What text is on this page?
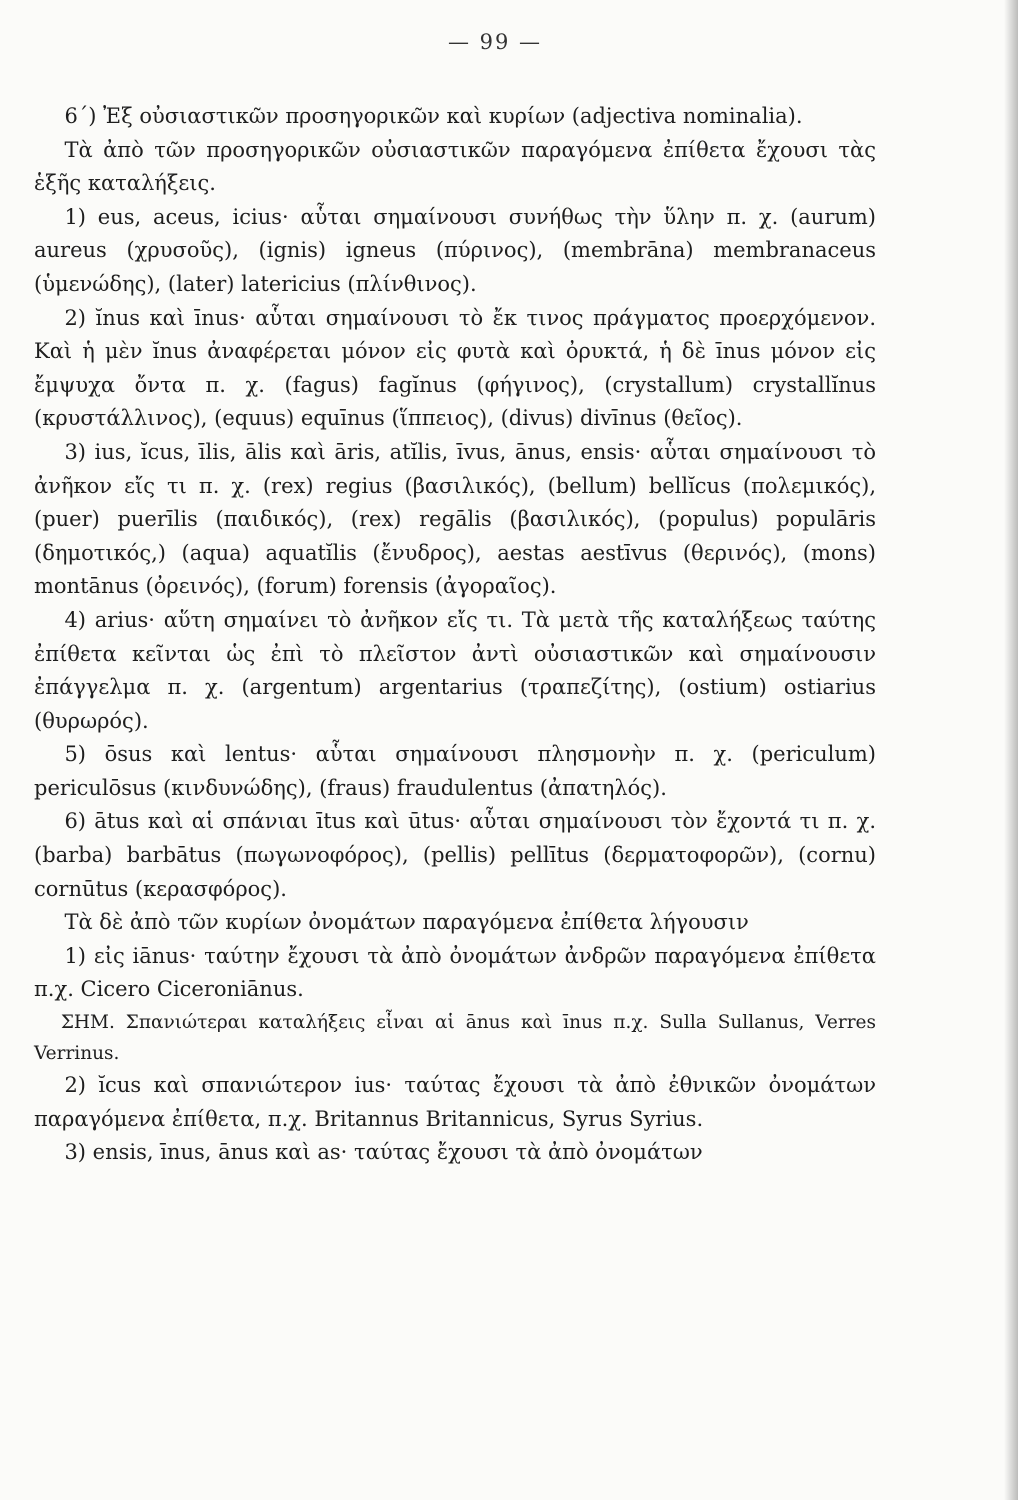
— 99 —

6΄) Ἐξ οὐσιαστικῶν προσηγορικῶν καὶ κυρίων (adjectiva nominalia).

Τὰ ἀπὸ τῶν προσηγορικῶν οὐσιαστικῶν παραγόμενα ἐπίθετα ἔχουσι τὰς ἑξῆς καταλήξεις.

1) eus, aceus, icius· αὗται σημαίνουσι συνήθως τὴν ὕλην π. χ. (aurum) aureus (χρυσοῦς), (ignis) igneus (πύρινος), (membrāna) membranaceus (ὑμενώδης), (later) latericius (πλίνθινος).

2) ĭnus καὶ īnus· αὗται σημαίνουσι τὸ ἔκ τινος πράγματος προερχόμενον. Καὶ ἡ μὲν ĭnus ἀναφέρεται μόνον εἰς φυτὰ καὶ ὀρυκτά, ἡ δὲ īnus μόνον εἰς ἔμψυχα ὄντα π. χ. (fagus) fagĭnus (φήγινος), (crystallum) crystallĭnus (κρυστάλλινος), (equus) equīnus (ἵππειος), (divus) divīnus (θεῖος).

3) ius, ĭcus, īlis, ālis καὶ āris, atĭlis, īvus, ānus, ensis· αὗται σημαίνουσι τὸ ἀνῆκον εἴς τι π. χ. (rex) regius (βασιλικός), (bellum) bellĭcus (πολεμικός), (puer) puerīlis (παιδικός), (rex) regālis (βασιλικός), (populus) populāris (δημοτικός,) (aqua) aquatĭlis (ἔνυδρος), aestas aestīvus (θερινός), (mons) montānus (ὀρεινός), (forum) forensis (ἀγοραῖος).

4) arius· αὕτη σημαίνει τὸ ἀνῆκον εἴς τι. Τὰ μετὰ τῆς καταλήξεως ταύτης ἐπίθετα κεῖνται ὡς ἐπὶ τὸ πλεῖστον ἀντὶ οὐσιαστικῶν καὶ σημαίνουσιν ἐπάγγελμα π. χ. (argentum) argentarius (τραπεζίτης), (ostium) ostiarius (θυρωρός).

5) ōsus καὶ lentus· αὗται σημαίνουσι πλησμονὴν π. χ. (periculum) periculōsus (κινδυνώδης), (fraus) fraudulentus (ἀπατηλός).

6) ātus καὶ αἱ σπάνιαι ītus καὶ ūtus· αὗται σημαίνουσι τὸν ἔχοντά τι π. χ. (barba) barbātus (πωγωνοφόρος), (pellis) pellītus (δερματοφορῶν), (cornu) cornūtus (κερασφόρος).

Τὰ δὲ ἀπὸ τῶν κυρίων ὀνομάτων παραγόμενα ἐπίθετα λήγουσιν

1) εἰς iānus· ταύτην ἔχουσι τὰ ἀπὸ ὀνομάτων ἀνδρῶν παραγόμενα ἐπίθετα π.χ. Cicero Ciceroniānus.

ΣΗΜ. Σπανιώτεραι καταλήξεις εἶναι αἱ ānus καὶ īnus π.χ. Sulla Sullanus, Verres Verrinus.

2) ĭcus καὶ σπανιώτερον ius· ταύτας ἔχουσι τὰ ἀπὸ ἐθνικῶν ὀνομάτων παραγόμενα ἐπίθετα, π.χ. Britannus Britannicus, Syrus Syrius.

3) ensis, īnus, ānus καὶ as· ταύτας ἔχουσι τὰ ἀπὸ ὀνομάτων
